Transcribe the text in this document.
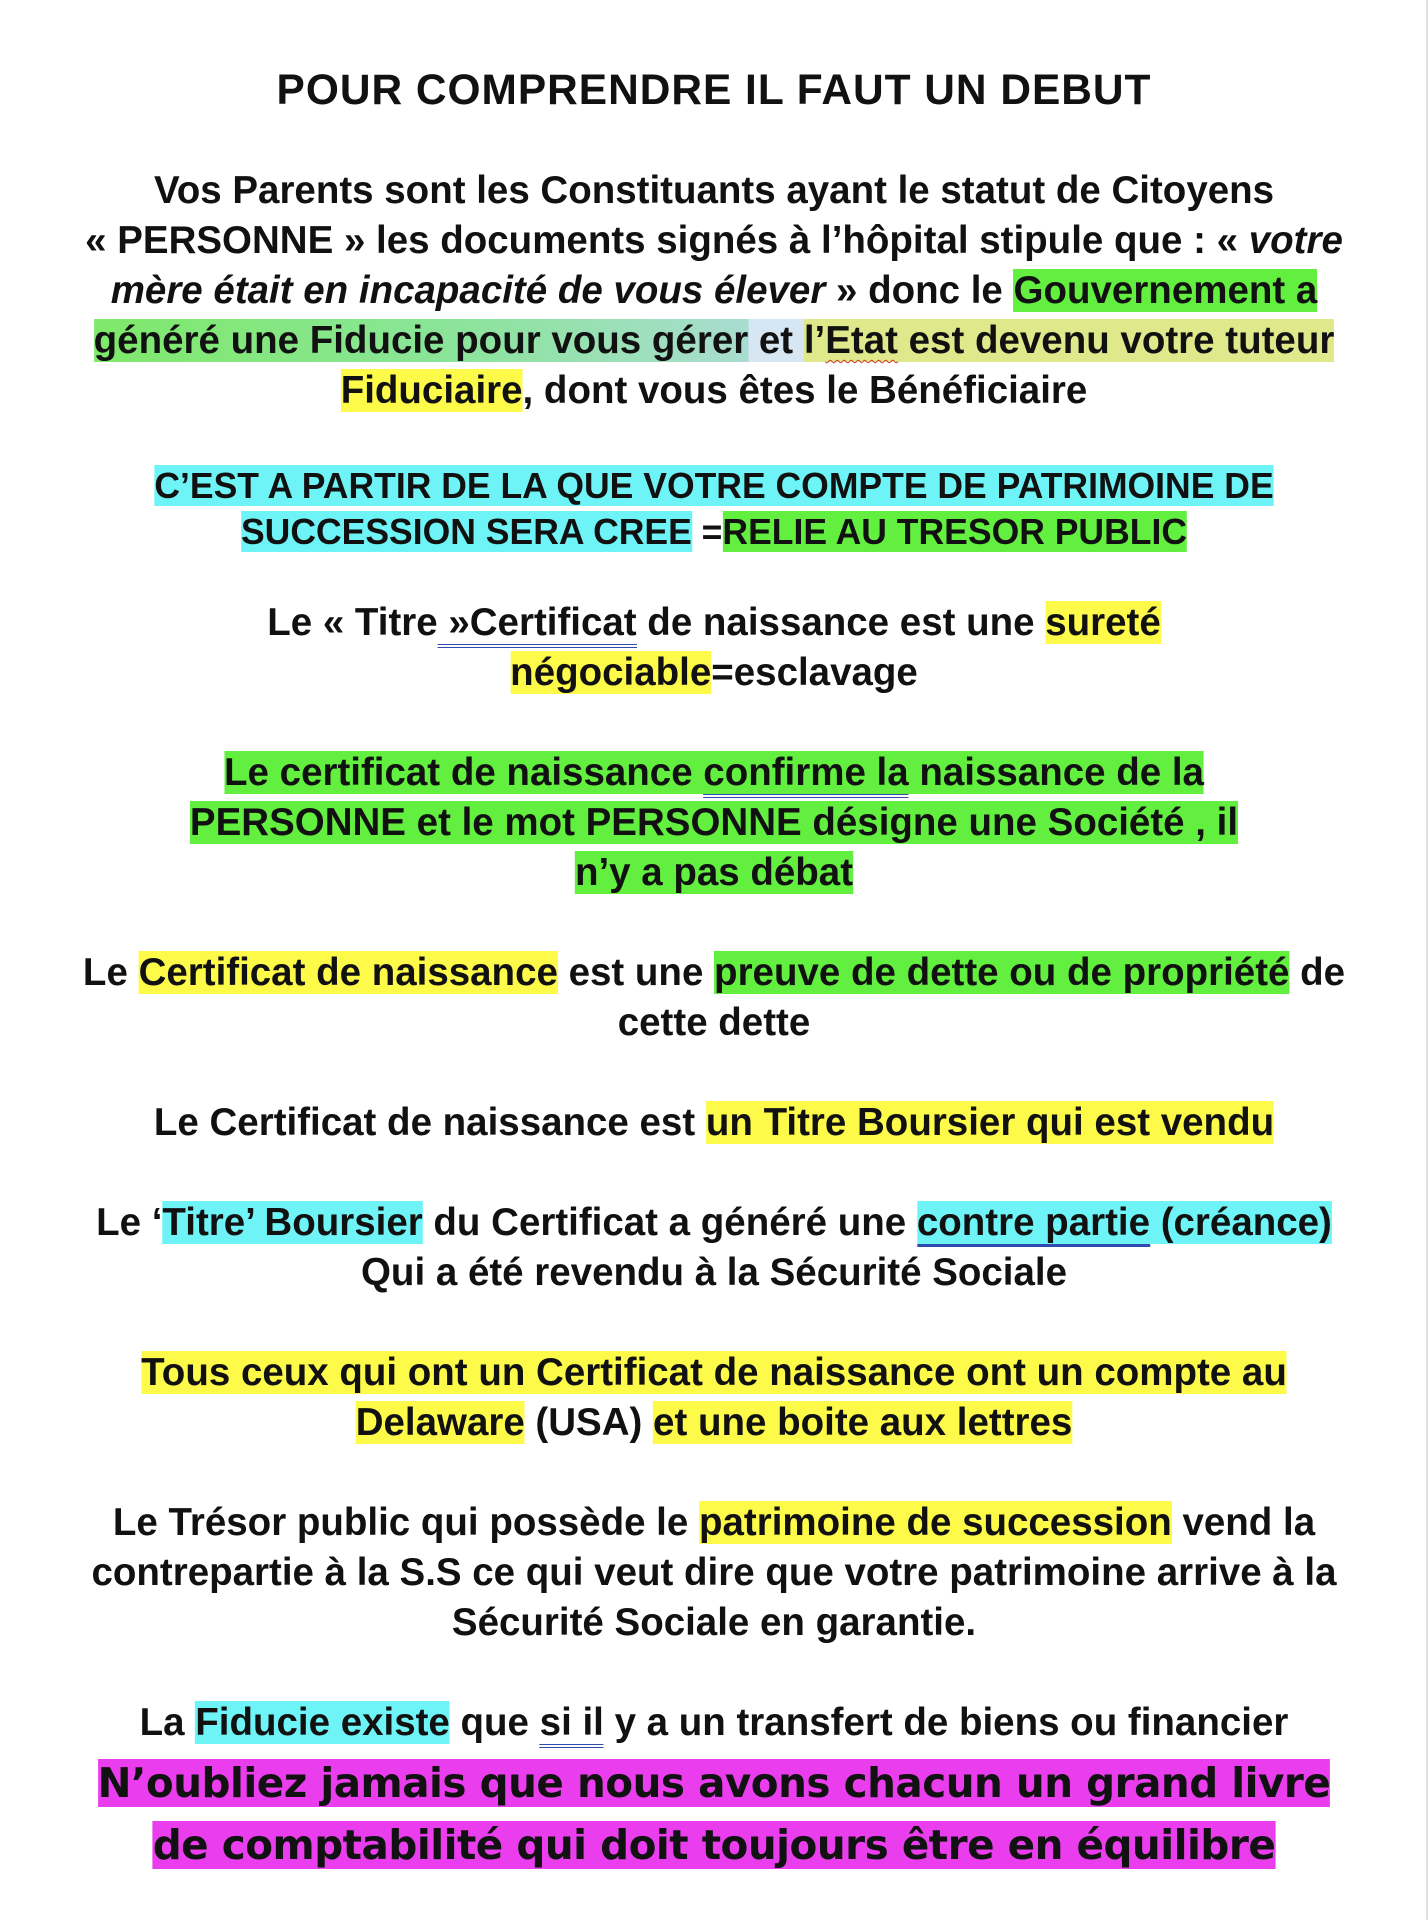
POUR COMPRENDRE IL FAUT UN DEBUT
Vos Parents sont les Constituants ayant le statut de Citoyens
« PERSONNE » les documents signés à l’hôpital stipule que : « votre
mère était en incapacité de vous élever » donc le Gouvernement a
généré une Fiducie pour vous gérer et l’Etat est devenu votre tuteur
Fiduciaire, dont vous êtes le Bénéficiaire
C’EST A PARTIR DE LA QUE VOTRE COMPTE DE PATRIMOINE DE
SUCCESSION SERA CREE =RELIE AU TRESOR PUBLIC
Le « Titre »Certificat de naissance est une sureté
négociable=esclavage
Le certificat de naissance confirme la naissance de la
PERSONNE et le mot PERSONNE désigne une Société , il
n’y a pas débat
Le Certificat de naissance est une preuve de dette ou de propriété de
cette dette
Le Certificat de naissance est un Titre Boursier qui est vendu
Le ‘Titre’ Boursier du Certificat a généré une contre partie (créance)
Qui a été revendu à la Sécurité Sociale
Tous ceux qui ont un Certificat de naissance ont un compte au
Delaware (USA) et une boite aux lettres
Le Trésor public qui possède le patrimoine de succession vend la
contrepartie à la S.S ce qui veut dire que votre patrimoine arrive à la
Sécurité Sociale en garantie.
La Fiducie existe que si il y a un transfert de biens ou financier
N’oubliez jamais que nous avons chacun un grand livre
de comptabilité qui doit toujours être en équilibre
